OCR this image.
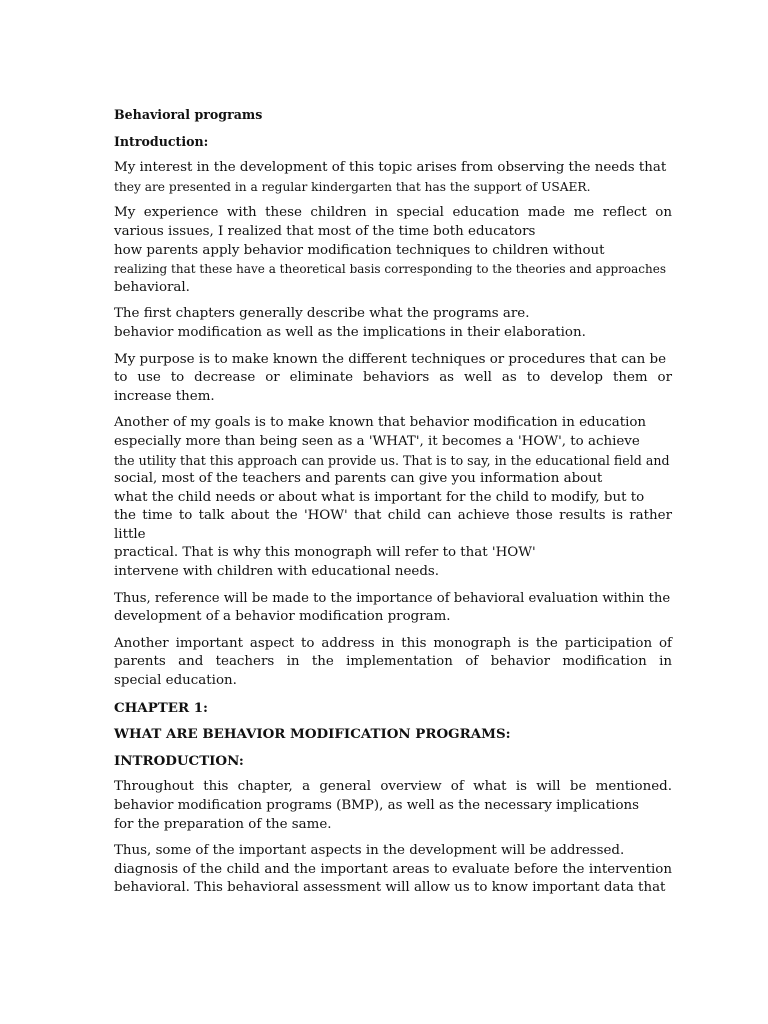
Behavioral programs

Introduction:

My interest in the development of this topic arises from observing the needs that
they are presented in a regular kindergarten that has the support of USAER.
My experience with these children in special education made me reflect on
various issues, I realized that most of the time both educators
how parents apply behavior modification techniques to children without
realizing that these have a theoretical basis corresponding to the theories and approaches
behavioral.
The first chapters generally describe what the programs are.
behavior modification as well as the implications in their elaboration.
My purpose is to make known the different techniques or procedures that can be
to use to decrease or eliminate behaviors as well as to develop them or
increase them.
Another of my goals is to make known that behavior modification in education
especially more than being seen as a 'WHAT', it becomes a 'HOW', to achieve
the utility that this approach can provide us. That is to say, in the educational field and
social, most of the teachers and parents can give you information about
what the child needs or about what is important for the child to modify, but to
the time to talk about the 'HOW' that child can achieve those results is rather little
practical. That is why this monograph will refer to that 'HOW'
intervene with children with educational needs.
Thus, reference will be made to the importance of behavioral evaluation within the
development of a behavior modification program.
Another important aspect to address in this monograph is the participation of
parents and teachers in the implementation of behavior modification in
special education.

CHAPTER 1:

WHAT ARE BEHAVIOR MODIFICATION PROGRAMS:

INTRODUCTION:

Throughout this chapter, a general overview of what is will be mentioned.
behavior modification programs (BMP), as well as the necessary implications
for the preparation of the same.
Thus, some of the important aspects in the development will be addressed.
diagnosis of the child and the important areas to evaluate before the intervention
behavioral. This behavioral assessment will allow us to know important data that
